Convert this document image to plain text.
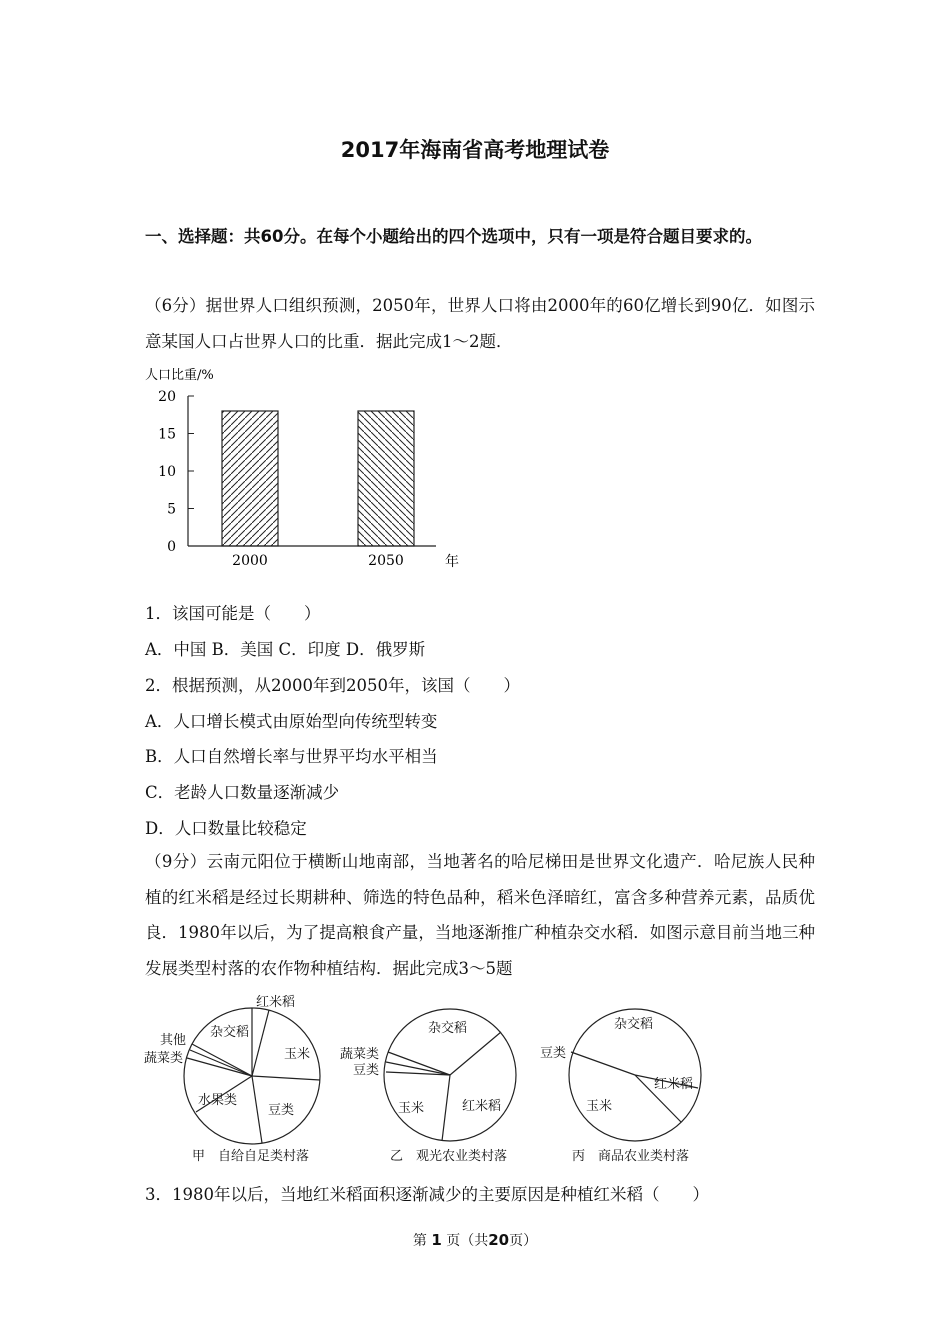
2017年海南省高考地理试卷
一、选择题：共60分。在每个小题给出的四个选项中，只有一项是符合题目要求的。
（6分）据世界人口组织预测，2050年，世界人口将由2000年的60亿增长到90亿．如图示意某国人口占世界人口的比重．据此完成1～2题．
人口比重/%
0
5
10
15
20
2000	2050	年
1．该国可能是（　　）
A．中国 B．美国 C．印度 D．俄罗斯
2．根据预测，从2000年到2050年，该国（　　）
A．人口增长模式由原始型向传统型转变
B．人口自然增长率与世界平均水平相当
C．老龄人口数量逐渐减少
D．人口数量比较稳定
（9分）云南元阳位于横断山地南部，当地著名的哈尼梯田是世界文化遗产．哈尼族人民种植的红米稻是经过长期耕种、筛选的特色品种，稻米色泽暗红，富含多种营养元素，品质优良．1980年以后，为了提高粮食产量，当地逐渐推广种植杂交水稻．如图示意目前当地三种发展类型村落的农作物种植结构．据此完成3～5题
红米稻
杂交稻
其他
蔬菜类
水果类
豆类
玉米
甲　自给自足类村落
杂交稻
蔬菜类
豆类
玉米	红米稻
乙　观光农业类村落
杂交稻
豆类
红米稻
玉米
丙　商品农业类村落
3．1980年以后，当地红米稻面积逐渐减少的主要原因是种植红米稻（　　）
第 1 页（共20页）
